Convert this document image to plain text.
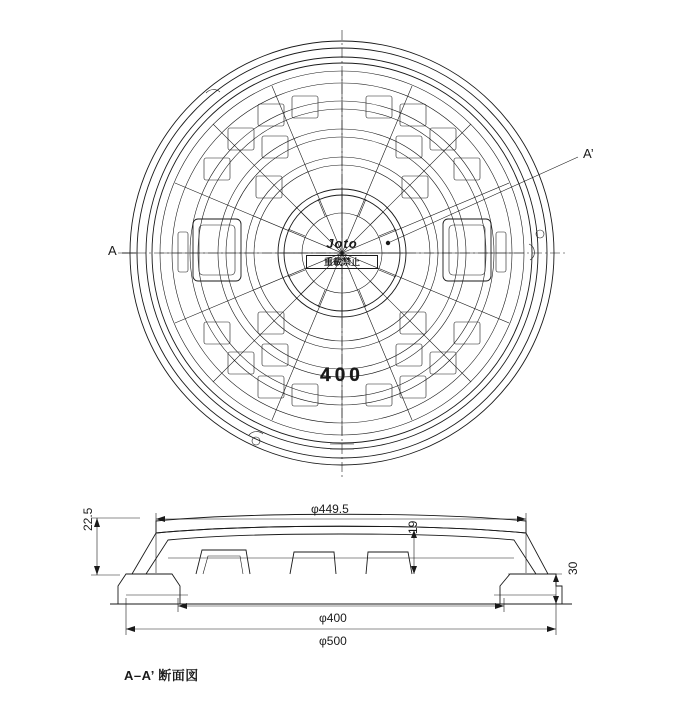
A
A’
Joto
重載禁止
400
φ449.5
φ400
φ500
22.5	19
30
A–A’ 断面図
